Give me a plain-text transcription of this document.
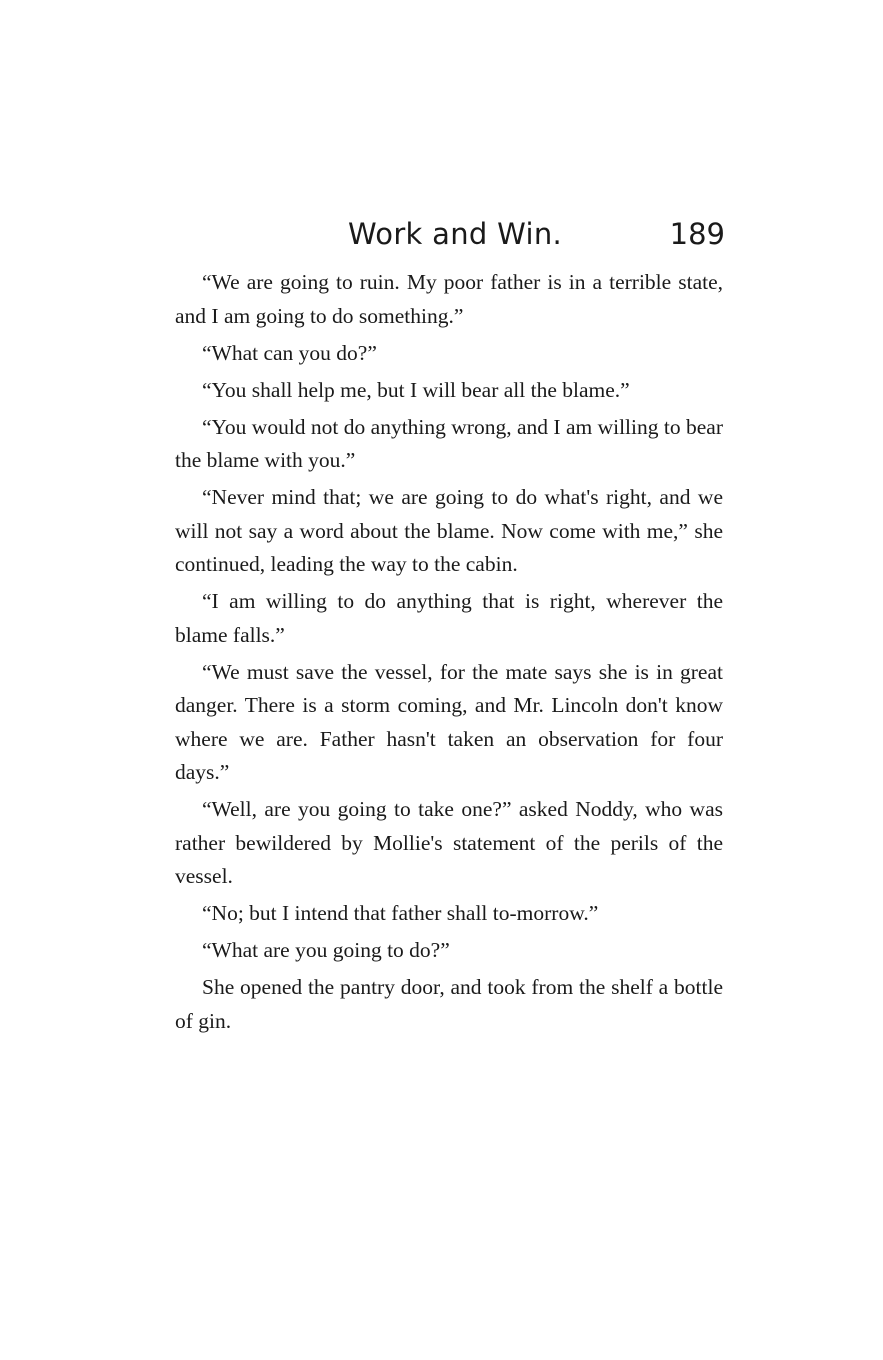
Work and Win.	189

“We are going to ruin. My poor father is in a terrible state, and I am going to do something.”

“What can you do?”

“You shall help me, but I will bear all the blame.”

“You would not do anything wrong, and I am willing to bear the blame with you.”

“Never mind that; we are going to do what's right, and we will not say a word about the blame. Now come with me,” she continued, leading the way to the cabin.

“I am willing to do anything that is right, wherever the blame falls.”

“We must save the vessel, for the mate says she is in great danger. There is a storm coming, and Mr. Lincoln don't know where we are. Father hasn't taken an observation for four days.”

“Well, are you going to take one?” asked Noddy, who was rather bewildered by Mollie's statement of the perils of the vessel.

“No; but I intend that father shall to-morrow.”

“What are you going to do?”

She opened the pantry door, and took from the shelf a bottle of gin.
